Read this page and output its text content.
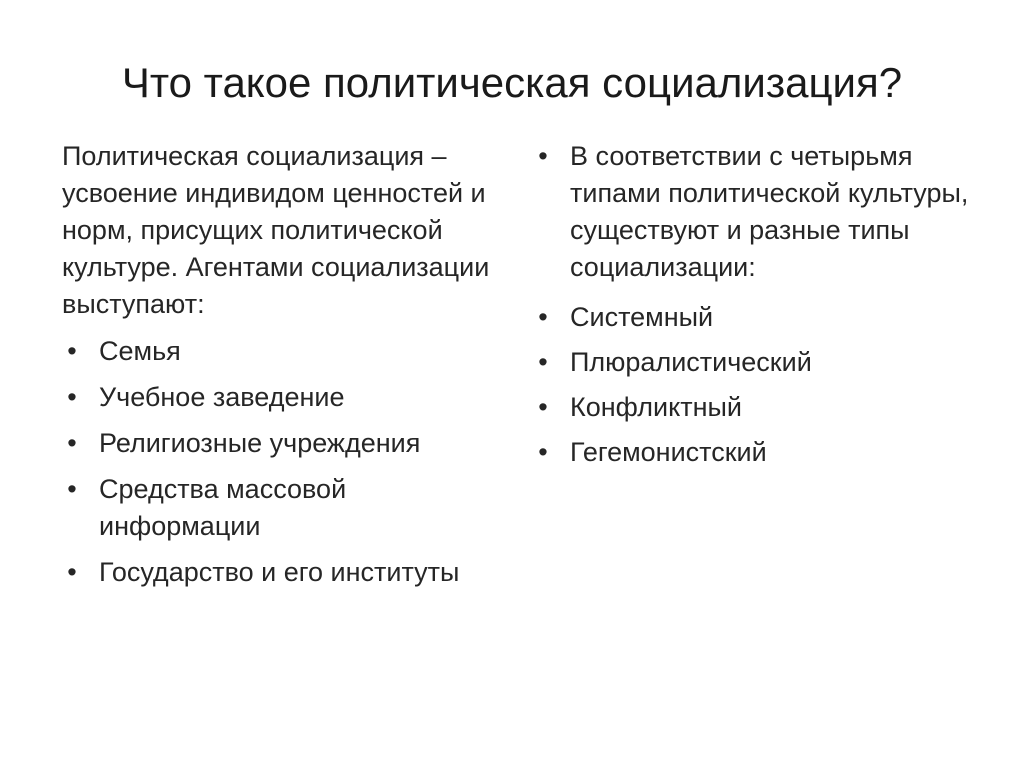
Что такое политическая социализация?

Политическая социализация – усвоение индивидом ценностей и норм, присущих политической культуре. Агентами социализации выступают:

• Семья
• Учебное заведение
• Религиозные учреждения
• Средства массовой информации
• Государство и его институты
• В соответствии с четырьмя типами политической культуры, существуют и разные типы социализации:
• Системный
• Плюралистический
• Конфликтный
• Гегемонистский
